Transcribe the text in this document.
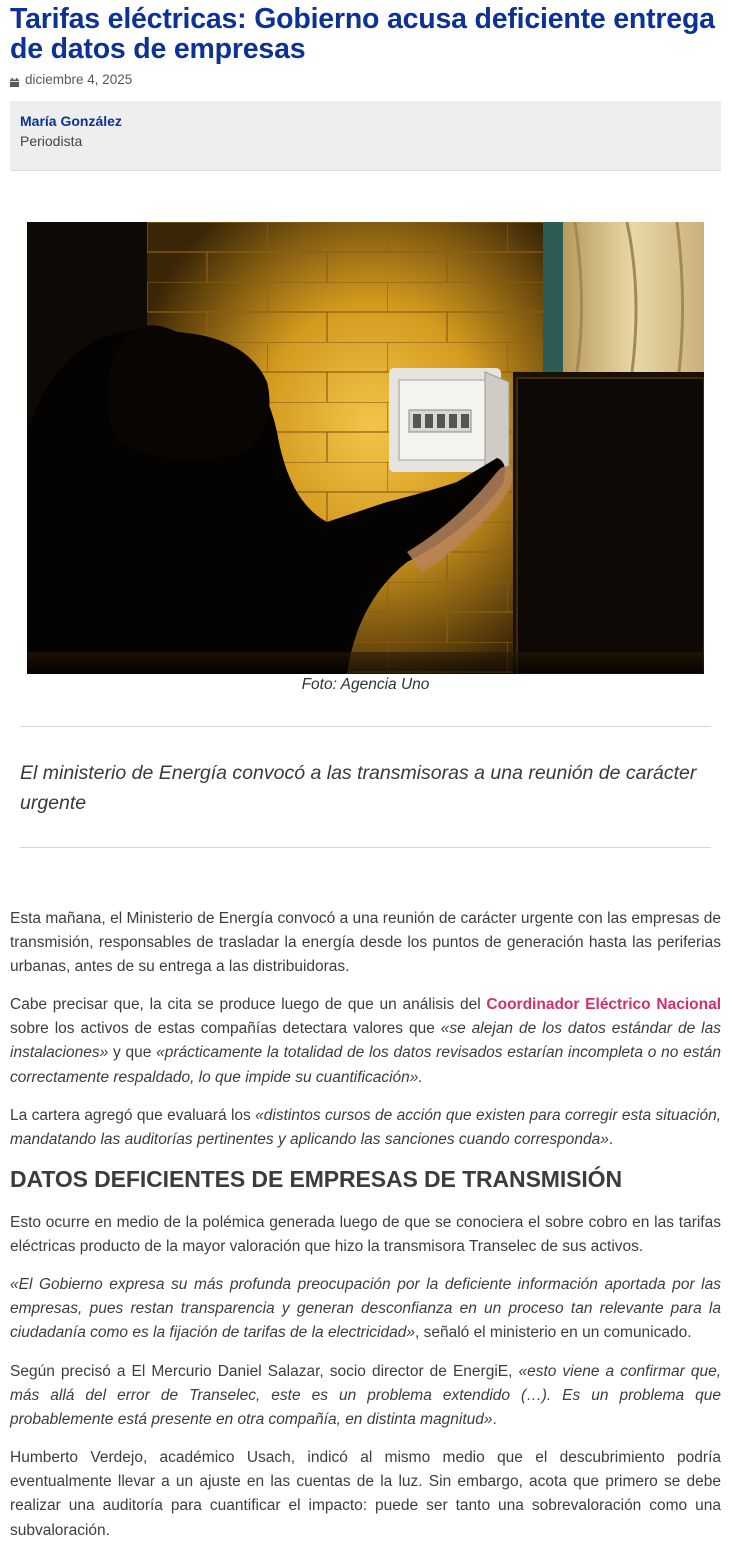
Tarifas eléctricas: Gobierno acusa deficiente entrega de datos de empresas
diciembre 4, 2025
María González
Periodista
Foto: Agencia Uno
El ministerio de Energía convocó a las transmisoras a una reunión de carácter urgente

Esta mañana, el Ministerio de Energía convocó a una reunión de carácter urgente con las empresas de transmisión, responsables de trasladar la energía desde los puntos de generación hasta las periferias urbanas, antes de su entrega a las distribuidoras.

Cabe precisar que, la cita se produce luego de que un análisis del Coordinador Eléctrico Nacional sobre los activos de estas compañías detectara valores que «se alejan de los datos estándar de las instalaciones» y que «prácticamente la totalidad de los datos revisados estarían incompleta o no están correctamente respaldado, lo que impide su cuantificación».

La cartera agregó que evaluará los «distintos cursos de acción que existen para corregir esta situación, mandatando las auditorías pertinentes y aplicando las sanciones cuando corresponda».

DATOS DEFICIENTES DE EMPRESAS DE TRANSMISIÓN

Esto ocurre en medio de la polémica generada luego de que se conociera el sobre cobro en las tarifas eléctricas producto de la mayor valoración que hizo la transmisora Transelec de sus activos.

«El Gobierno expresa su más profunda preocupación por la deficiente información aportada por las empresas, pues restan transparencia y generan desconfianza en un proceso tan relevante para la ciudadanía como es la fijación de tarifas de la electricidad», señaló el ministerio en un comunicado.

Según precisó a El Mercurio Daniel Salazar, socio director de EnergiE, «esto viene a confirmar que, más allá del error de Transelec, este es un problema extendido (…). Es un problema que probablemente está presente en otra compañía, en distinta magnitud».

Humberto Verdejo, académico Usach, indicó al mismo medio que el descubrimiento podría eventualmente llevar a un ajuste en las cuentas de la luz. Sin embargo, acota que primero se debe realizar una auditoría para cuantificar el impacto: puede ser tanto una sobrevaloración como una subvaloración.
